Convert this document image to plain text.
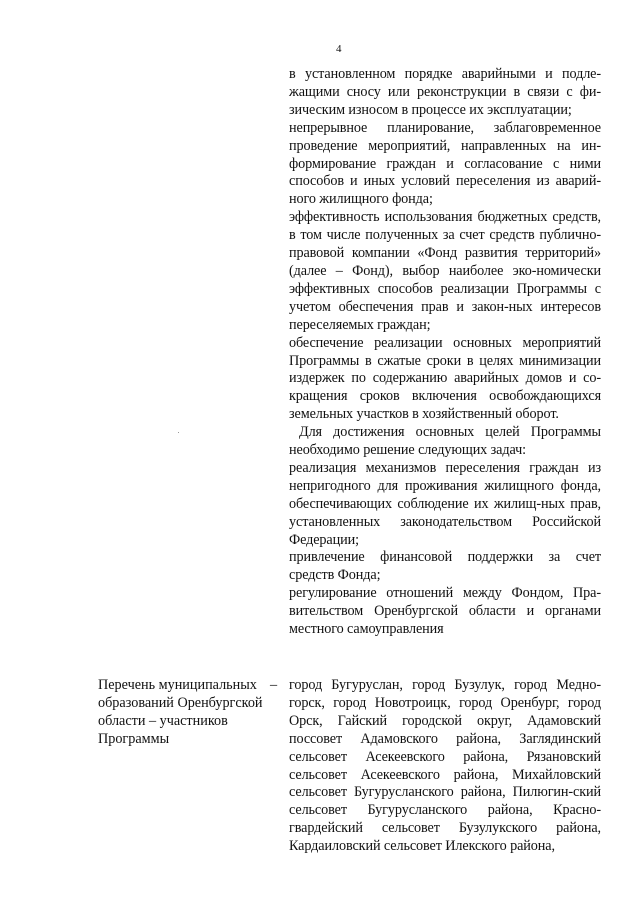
4

в установленном порядке аварийными и подле-жащими сносу или реконструкции в связи с фи-зическим износом в процессе их эксплуатации;

непрерывное планирование, заблаговременное проведение мероприятий, направленных на ин-формирование граждан и согласование с ними способов и иных условий переселения из аварий-ного жилищного фонда;

эффективность использования бюджетных средств, в том числе полученных за счет средств публично-правовой компании «Фонд развития территорий» (далее – Фонд), выбор наиболее эко-номически эффективных способов реализации Программы с учетом обеспечения прав и закон-ных интересов переселяемых граждан;

обеспечение реализации основных мероприятий Программы в сжатые сроки в целях минимизации издержек по содержанию аварийных домов и со-кращения сроков включения освобождающихся земельных участков в хозяйственный оборот.

Для достижения основных целей Программы необходимо решение следующих задач:

реализация механизмов переселения граждан из непригодного для проживания жилищного фонда, обеспечивающих соблюдение их жилищ-ных прав, установленных законодательством Российской Федерации;

привлечение финансовой поддержки за счет средств Фонда;

регулирование отношений между Фондом, Пра-вительством Оренбургской области и органами местного самоуправления

Перечень муниципальных образований Оренбургской области – участников Программы
– город Бугуруслан, город Бузулук, город Медно-горск, город Новотроицк, город Оренбург, город Орск, Гайский городской округ, Адамовский поссовет Адамовского района, Заглядинский сельсовет Асекеевского района, Рязановский сельсовет Асекеевского района, Михайловский сельсовет Бугурусланского района, Пилюгин-ский сельсовет Бугурусланского района, Красно-гвардейский сельсовет Бузулукского района, Кардаиловский сельсовет Илекского района,
